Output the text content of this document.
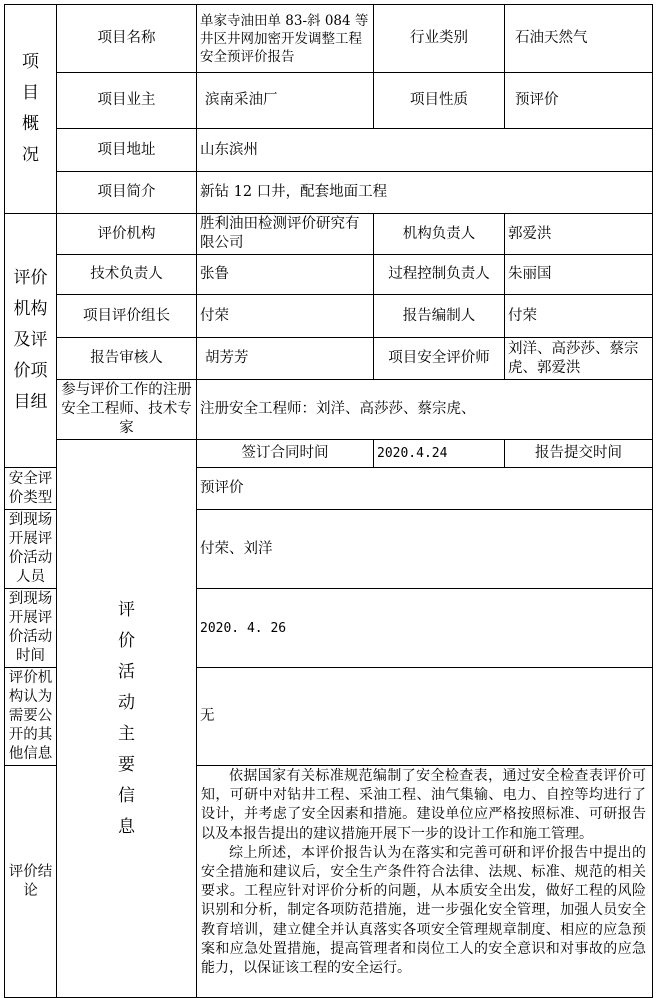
项目概况	项目名称	单家寺油田单 83-斜 084 等井区井网加密开发调整工程安全预评价报告	行业类别	石油天然气	
	项目业主	滨南采油厂	项目性质	预评价	
	项目地址	山东滨州			
	项目简介	新钻 12 口井，配套地面工程			

评价机构及评价项目组	评价机构	胜利油田检测评价研究有限公司	机构负责人	郭爱洪	
	技术负责人	张鲁	过程控制负责人	朱丽国	
	项目评价组长	付荣	报告编制人	付荣	
	报告审核人	胡芳芳	项目安全评价师	刘洋、高莎莎、蔡宗虎、郭爱洪	
	参与评价工作的注册安全工程师、技术专家	注册安全工程师：刘洋、高莎莎、蔡宗虎、			

	评价活动主要信息	签订合同时间	2020.4.24	报告提交时间	
安全评价类型		预评价			
到现场开展评价活动人员		付荣、刘洋			
到现场开展评价活动时间		2020. 4. 26			
评价机构认为需要公开的其他信息		无			
评价结论		依据国家有关标准规范编制了安全检查表，通过安全检查表评价可知，可研中对钻井工程、采油工程、油气集输、电力、自控等均进行了设计，并考虑了安全因素和措施。建设单位应严格按照标准、可研报告以及本报告提出的建议措施开展下一步的设计工作和施工管理。

综上所述，本评价报告认为在落实和完善可研和评价报告中提出的安全措施和建议后，安全生产条件符合法律、法规、标准、规范的相关要求。工程应针对评价分析的问题，从本质安全出发，做好工程的风险识别和分析，制定各项防范措施，进一步强化安全管理，加强人员安全教育培训，建立健全并认真落实各项安全管理规章制度、相应的应急预案和应急处置措施，提高管理者和岗位工人的安全意识和对事故的应急能力，以保证该工程的安全运行。			
